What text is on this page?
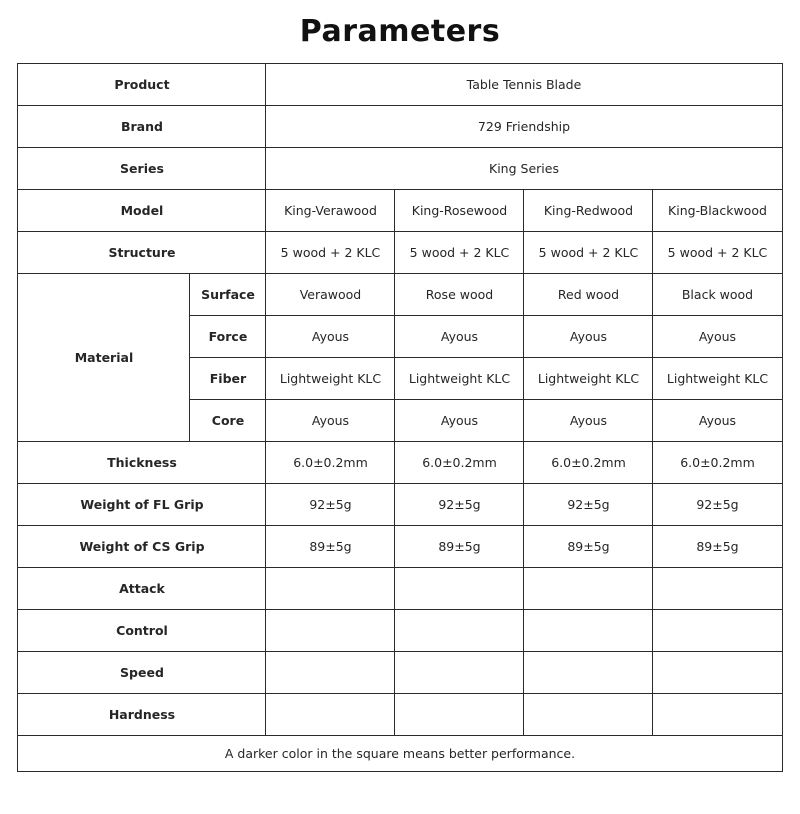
Parameters
Product		Table Tennis Blade			
Brand		729 Friendship			
Series		King Series			
Model		King-Verawood	King-Rosewood	King-Redwood	King-Blackwood
Structure		5 wood + 2 KLC	5 wood + 2 KLC	5 wood + 2 KLC	5 wood + 2 KLC
Material	Surface	Verawood	Rose wood	Red wood	Black wood
	Force	Ayous	Ayous	Ayous	Ayous
	Fiber	Lightweight KLC	Lightweight KLC	Lightweight KLC	Lightweight KLC
	Core	Ayous	Ayous	Ayous	Ayous
Thickness		6.0±0.2mm	6.0±0.2mm	6.0±0.2mm	6.0±0.2mm
Weight of FL Grip		92±5g	92±5g	92±5g	92±5g
Weight of CS Grip		89±5g	89±5g	89±5g	89±5g
Attack		

Control		

Speed		

Hardness		

A darker color in the square means better performance.					
